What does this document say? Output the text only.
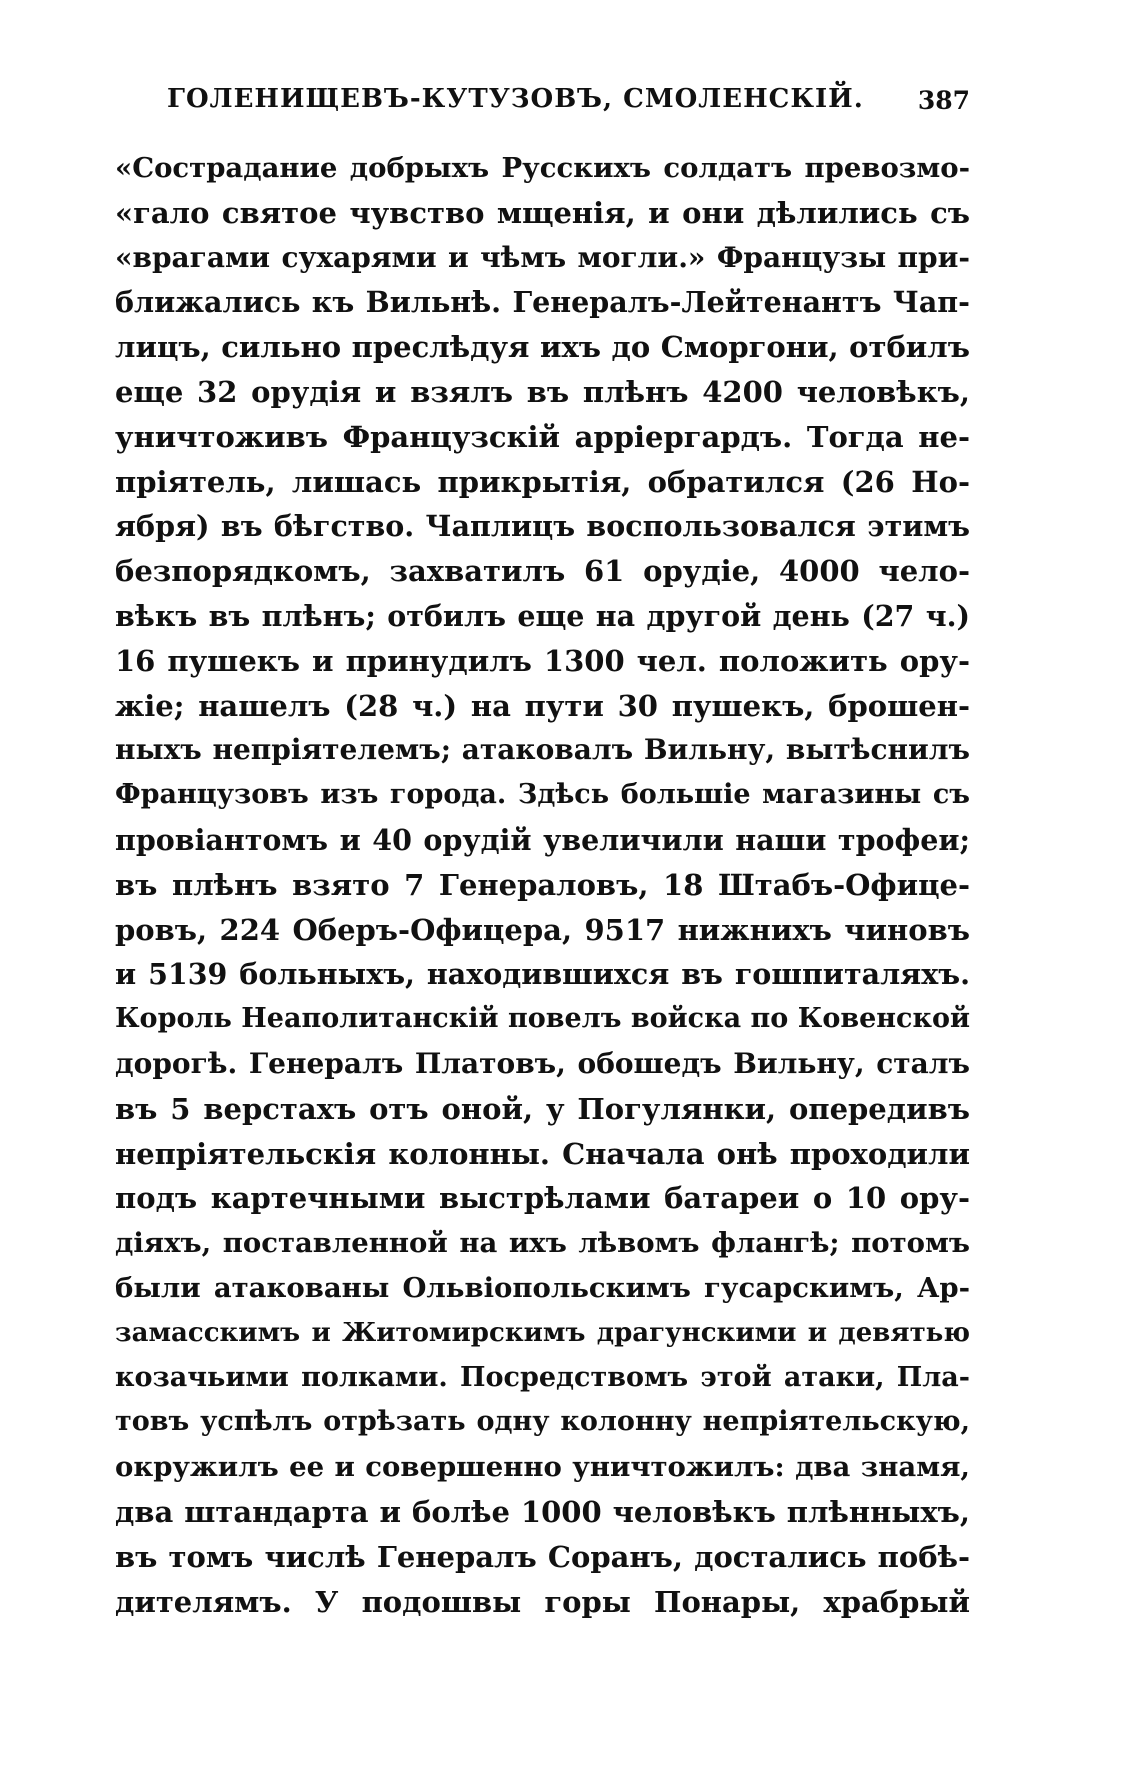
ГОЛЕНИЩЕВЪ-КУТУЗОВЪ, СМОЛЕНСКІЙ. 387
«Сострадание добрыхъ Русскихъ солдатъ превозмо-
«гало святое чувство мщенія, и они дѣлились съ
«врагами сухарями и чѣмъ могли.» Французы при-
ближались къ Вильнѣ. Генералъ-Лейтенантъ Чап-
лицъ, сильно преслѣдуя ихъ до Сморгони, отбилъ
еще 32 орудія и взялъ въ плѣнъ 4200 человѣкъ,
уничтоживъ Французскій арріергардъ. Тогда не-
пріятель, лишась прикрытія, обратился (26 Но-
ября) въ бѣгство. Чаплицъ воспользовался этимъ
безпорядкомъ, захватилъ 61 орудіе, 4000 чело-
вѣкъ въ плѣнъ; отбилъ еще на другой день (27 ч.)
16 пушекъ и принудилъ 1300 чел. положить ору-
жіе; нашелъ (28 ч.) на пути 30 пушекъ, брошен-
ныхъ непріятелемъ; атаковалъ Вильну, вытѣснилъ
Французовъ изъ города. Здѣсь большіе магазины съ
провіантомъ и 40 орудій увеличили наши трофеи;
въ плѣнъ взято 7 Генераловъ, 18 Штабъ-Офице-
ровъ, 224 Оберъ-Офицера, 9517 нижнихъ чиновъ
и 5139 больныхъ, находившихся въ гошпиталяхъ.
Король Неаполитанскій повелъ войска по Ковенской
дорогѣ. Генералъ Платовъ, обошедъ Вильну, сталъ
въ 5 верстахъ отъ оной, у Погулянки, опередивъ
непріятельскія колонны. Сначала онѣ проходили
подъ картечными выстрѣлами батареи о 10 ору-
діяхъ, поставленной на ихъ лѣвомъ флангѣ; потомъ
были атакованы Ольвіопольскимъ гусарскимъ, Ар-
замасскимъ и Житомирскимъ драгунскими и девятью
козачьими полками. Посредствомъ этой атаки, Пла-
товъ успѣлъ отрѣзать одну колонну непріятельскую,
окружилъ ее и совершенно уничтожилъ: два знамя,
два штандарта и болѣе 1000 человѣкъ плѣнныхъ,
въ томъ числѣ Генералъ Соранъ, достались побѣ-
дителямъ. У подошвы горы Понары, храбрый
